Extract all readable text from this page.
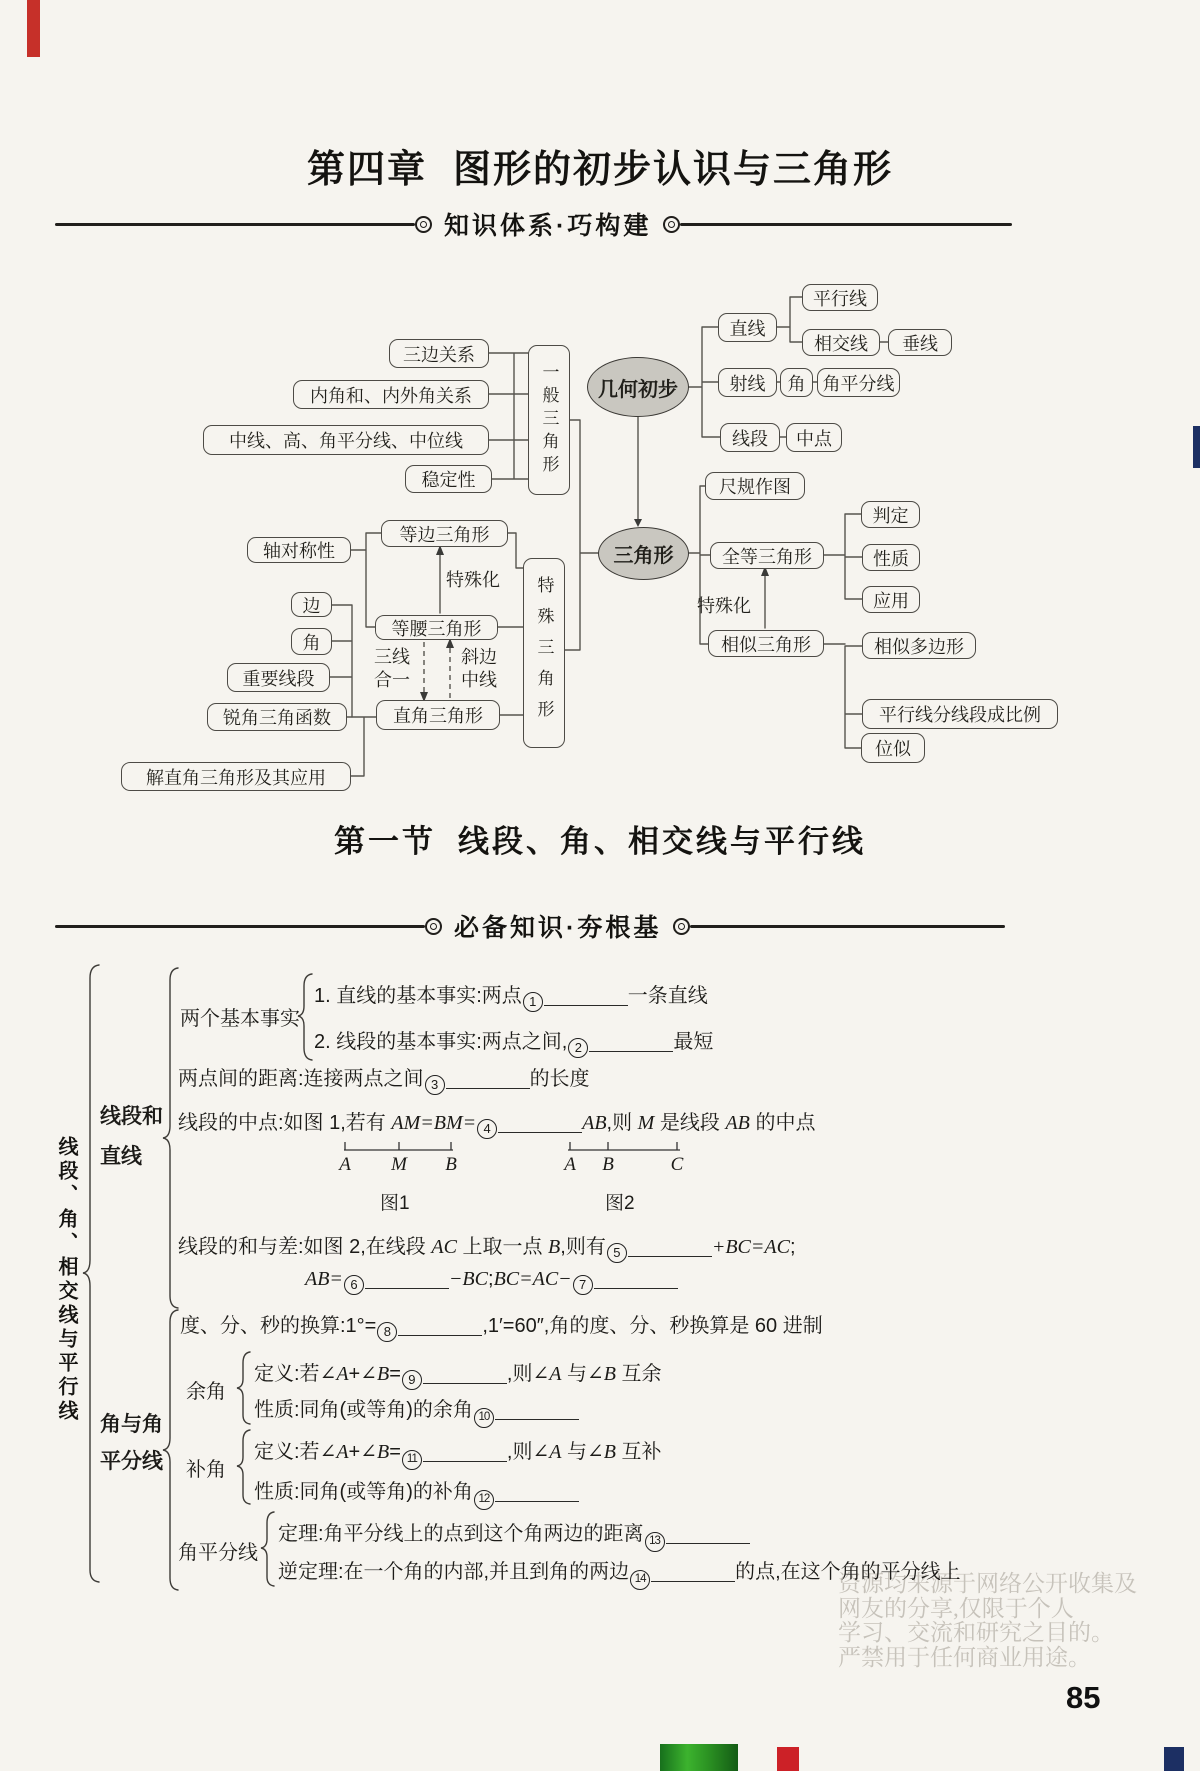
第四章 图形的初步认识与三角形
知识体系·巧构建
三边关系
内角和、内外角关系
中线、高、角平分线、中位线
稳定性
一般三角形	几何初步
直线
平行线
相交线	垂线
射线	角 角平分线
线段	中点
三角形
尺规作图
全等三角形
判定
性质
应用
相似三角形	相似多边形
平行线分线段成比例
位似
轴对称性
等边三角形
等腰三角形
边
角
重要线段
锐角三角函数	直角三角形
解直角三角形及其应用
特殊三角形
特殊化
特殊化
三线
合一
斜边
中线
第一节 线段、角、相交线与平行线
必备知识·夯根基
线段、角、相交线与平行线
线段和
直线
角与角
平分线
两个基本事实
余角
补角
角平分线
1. 直线的基本事实:两点 1	一条直线
2. 线段的基本事实:两点之间, 2	最短
两点间的距离:连接两点之间 3	的长度
线段的中点:如图 1,若有 AM=BM= 4	AB,则 M 是线段 AB 的中点
线段的和与差:如图 2,在线段 AC 上取一点 B,则有 5	+BC=AC;
AB= 6	−BC;BC=AC− 7
度、分、秒的换算:1°= 8	,1′=60″,角的度、分、秒换算是 60 进制
定义:若∠A+∠B= 9	,则∠A 与∠B 互余
性质:同角(或等角)的余角 10
定义:若∠A+∠B= 11	,则∠A 与∠B 互补
性质:同角(或等角)的补角 12
定理:角平分线上的点到这个角两边的距离 13
逆定理:在一个角的内部,并且到角的两边 14	的点,在这个角的平分线上
A M B	A B	C
图1	图2
资源均来源于网络公开收集及
网友的分享,仅限于个人
学习、交流和研究之目的。
严禁用于任何商业用途。
85
